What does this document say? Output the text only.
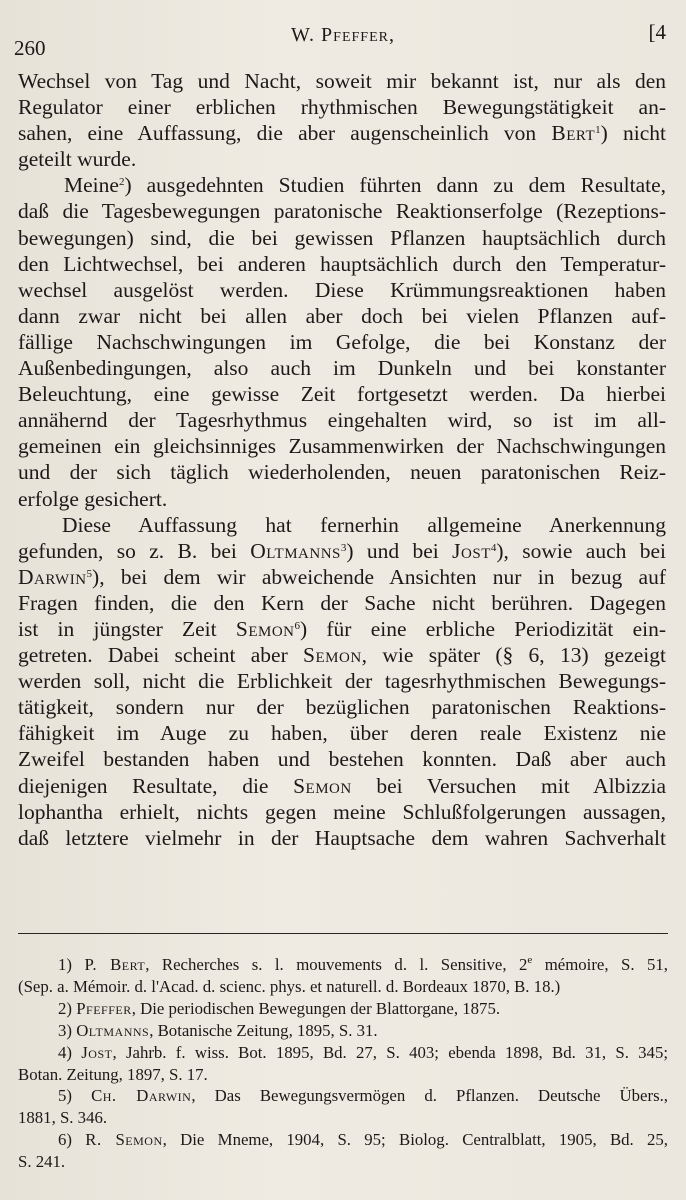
260
W. Pfeffer,	[4
Wechsel von Tag und Nacht, soweit mir bekannt ist, nur als den
Regulator einer erblichen rhythmischen Bewegungstätigkeit an-
sahen, eine Auffassung, die aber augenscheinlich von Bert$^1$) nicht
geteilt wurde.
Meine$^2$) ausgedehnten Studien führten dann zu dem Resultate,
daß die Tagesbewegungen paratonische Reaktionserfolge (Rezeptions-
bewegungen) sind, die bei gewissen Pflanzen hauptsächlich durch
den Lichtwechsel, bei anderen hauptsächlich durch den Temperatur-
wechsel ausgelöst werden. Diese Krümmungsreaktionen haben
dann zwar nicht bei allen aber doch bei vielen Pflanzen auf-
fällige Nachschwingungen im Gefolge, die bei Konstanz der
Außenbedingungen, also auch im Dunkeln und bei konstanter
Beleuchtung, eine gewisse Zeit fortgesetzt werden. Da hierbei
annähernd der Tagesrhythmus eingehalten wird, so ist im all-
gemeinen ein gleichsinniges Zusammenwirken der Nachschwingungen
und der sich täglich wiederholenden, neuen paratonischen Reiz-
erfolge gesichert.
Diese Auffassung hat fernerhin allgemeine Anerkennung
gefunden, so z. B. bei Oltmanns$^3$) und bei Jost$^4$), sowie auch bei
Darwin$^5$), bei dem wir abweichende Ansichten nur in bezug auf
Fragen finden, die den Kern der Sache nicht berühren. Dagegen
ist in jüngster Zeit Semon$^6$) für eine erbliche Periodizität ein-
getreten. Dabei scheint aber Semon, wie später (§ 6, 13) gezeigt
werden soll, nicht die Erblichkeit der tagesrhythmischen Bewegungs-
tätigkeit, sondern nur der bezüglichen paratonischen Reaktions-
fähigkeit im Auge zu haben, über deren reale Existenz nie
Zweifel bestanden haben und bestehen konnten. Daß aber auch
diejenigen Resultate, die Semon bei Versuchen mit Albizzia
lophantha erhielt, nichts gegen meine Schlußfolgerungen aussagen,
daß letztere vielmehr in der Hauptsache dem wahren Sachverhalt
1) P. Bert, Recherches s. l. mouvements d. l. Sensitive, 2e mémoire, S. 51,
(Sep. a. Mémoir. d. l'Acad. d. scienc. phys. et naturell. d. Bordeaux 1870, B. 18.)
2) Pfeffer, Die periodischen Bewegungen der Blattorgane, 1875.
3) Oltmanns, Botanische Zeitung, 1895, S. 31.
4) Jost, Jahrb. f. wiss. Bot. 1895, Bd. 27, S. 403; ebenda 1898, Bd. 31, S. 345;
Botan. Zeitung, 1897, S. 17.
5) Ch. Darwin, Das Bewegungsvermögen d. Pflanzen. Deutsche Übers.,
1881, S. 346.
6) R. Semon, Die Mneme, 1904, S. 95; Biolog. Centralblatt, 1905, Bd. 25,
S. 241.
